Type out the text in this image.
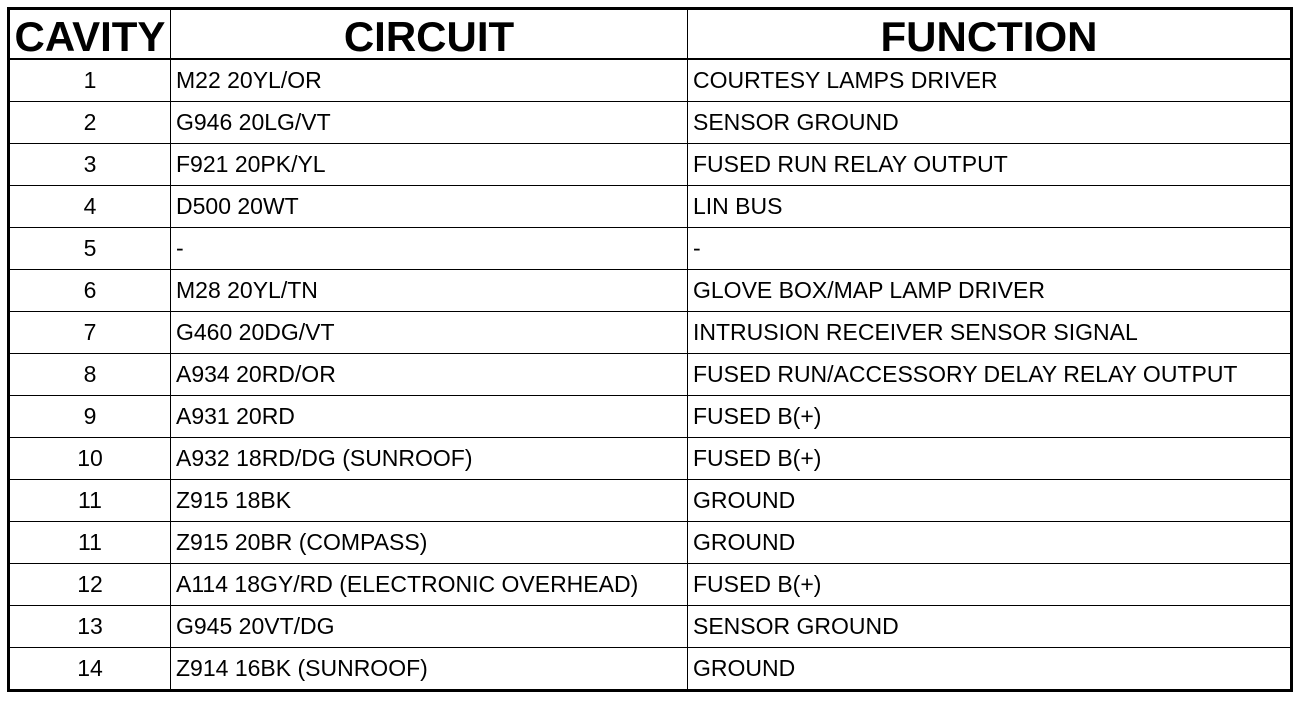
CAVITY	CIRCUIT	FUNCTION
1	M22 20YL/OR	COURTESY LAMPS DRIVER
2	G946 20LG/VT	SENSOR GROUND
3	F921 20PK/YL	FUSED RUN RELAY OUTPUT
4	D500 20WT	LIN BUS
5	-	-
6	M28 20YL/TN	GLOVE BOX/MAP LAMP DRIVER
7	G460 20DG/VT	INTRUSION RECEIVER SENSOR SIGNAL
8	A934 20RD/OR	FUSED RUN/ACCESSORY DELAY RELAY OUTPUT
9	A931 20RD	FUSED B(+)
10	A932 18RD/DG (SUNROOF)	FUSED B(+)
11	Z915 18BK	GROUND
11	Z915 20BR (COMPASS)	GROUND
12	A114 18GY/RD (ELECTRONIC OVERHEAD)	FUSED B(+)
13	G945 20VT/DG	SENSOR GROUND
14	Z914 16BK (SUNROOF)	GROUND
